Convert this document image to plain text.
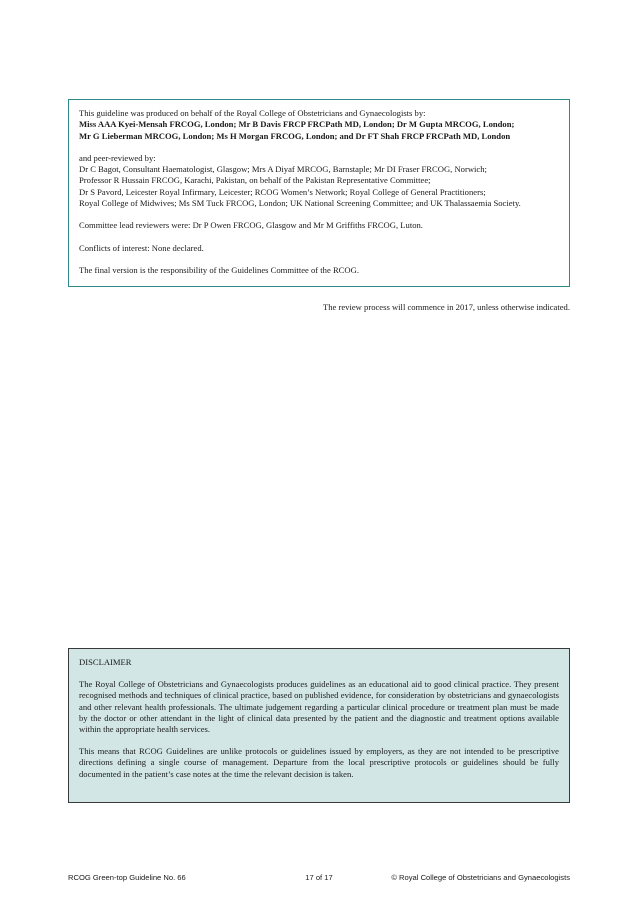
This guideline was produced on behalf of the Royal College of Obstetricians and Gynaecologists by:

Miss AAA Kyei-Mensah FRCOG, London; Mr B Davis FRCP FRCPath MD, London; Dr M Gupta MRCOG, London;

Mr G Lieberman MRCOG, London; Ms H Morgan FRCOG, London; and Dr FT Shah FRCP FRCPath MD, London

and peer-reviewed by:

Dr C Bagot, Consultant Haematologist, Glasgow; Mrs A Diyaf MRCOG, Barnstaple; Mr DI Fraser FRCOG, Norwich;

Professor R Hussain FRCOG, Karachi, Pakistan, on behalf of the Pakistan Representative Committee;

Dr S Pavord, Leicester Royal Infirmary, Leicester; RCOG Women’s Network; Royal College of General Practitioners;

Royal College of Midwives; Ms SM Tuck FRCOG, London; UK National Screening Committee; and UK Thalassaemia Society.

Committee lead reviewers were: Dr P Owen FRCOG, Glasgow and Mr M Griffiths FRCOG, Luton.

Conflicts of interest: None declared.

The final version is the responsibility of the Guidelines Committee of the RCOG.

The review process will commence in 2017, unless otherwise indicated.

DISCLAIMER

The Royal College of Obstetricians and Gynaecologists produces guidelines as an educational aid to good clinical practice. They present recognised methods and techniques of clinical practice, based on published evidence, for consideration by obstetricians and gynaecologists and other relevant health professionals. The ultimate judgement regarding a particular clinical procedure or treatment plan must be made by the doctor or other attendant in the light of clinical data presented by the patient and the diagnostic and treatment options available within the appropriate health services.

This means that RCOG Guidelines are unlike protocols or guidelines issued by employers, as they are not intended to be prescriptive directions defining a single course of management. Departure from the local prescriptive protocols or guidelines should be fully documented in the patient’s case notes at the time the relevant decision is taken.

RCOG Green-top Guideline No. 66	17 of 17	© Royal College of Obstetricians and Gynaecologists
